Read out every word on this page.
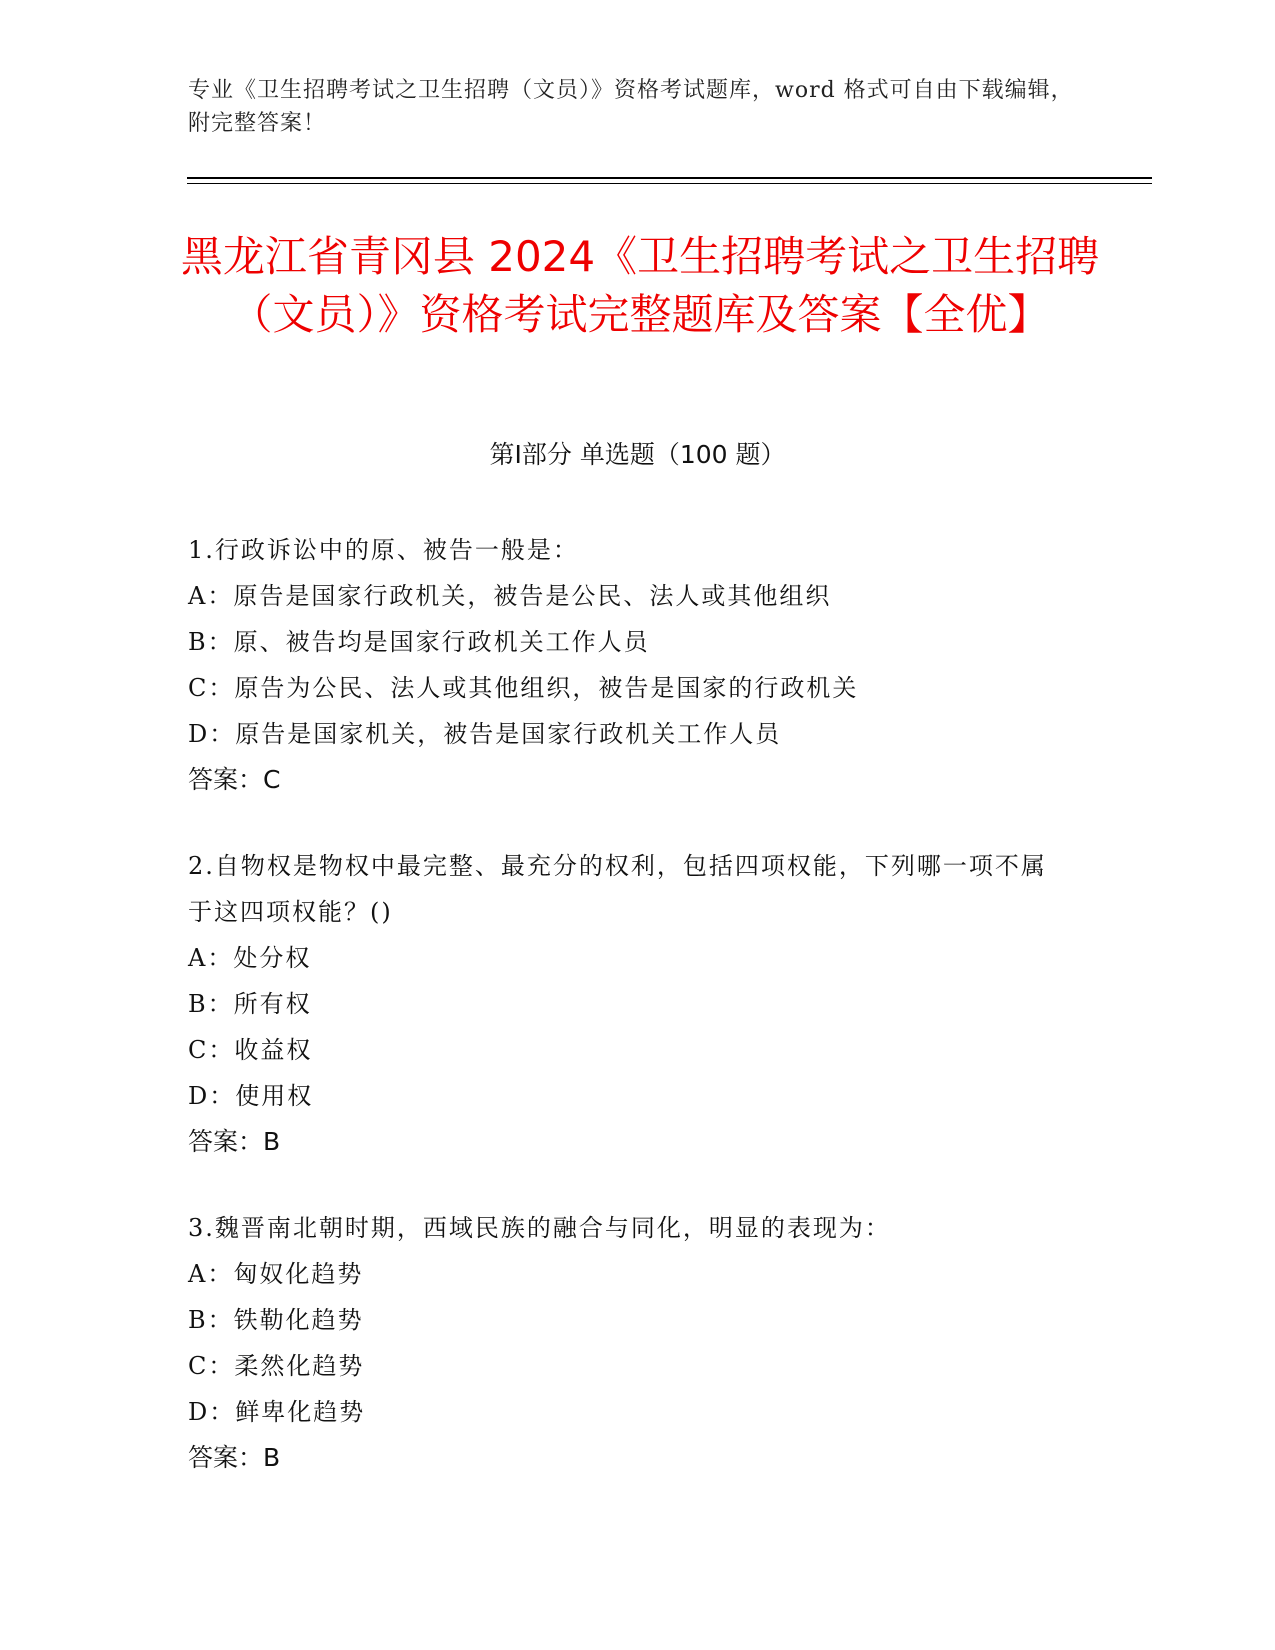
专业《卫生招聘考试之卫生招聘（文员）》资格考试题库，word 格式可自由下载编辑，附完整答案！
黑龙江省青冈县 2024《卫生招聘考试之卫生招聘（文员）》资格考试完整题库及答案【全优】
第Ⅰ部分 单选题（100 题）
1.行政诉讼中的原、被告一般是：
A：原告是国家行政机关，被告是公民、法人或其他组织
B：原、被告均是国家行政机关工作人员
C：原告为公民、法人或其他组织，被告是国家的行政机关
D：原告是国家机关，被告是国家行政机关工作人员
答案：C
2.自物权是物权中最完整、最充分的权利，包括四项权能，下列哪一项不属于这四项权能？()
A：处分权
B：所有权
C：收益权
D：使用权
答案：B
3.魏晋南北朝时期，西域民族的融合与同化，明显的表现为：
A：匈奴化趋势
B：铁勒化趋势
C：柔然化趋势
D：鲜卑化趋势
答案：B
